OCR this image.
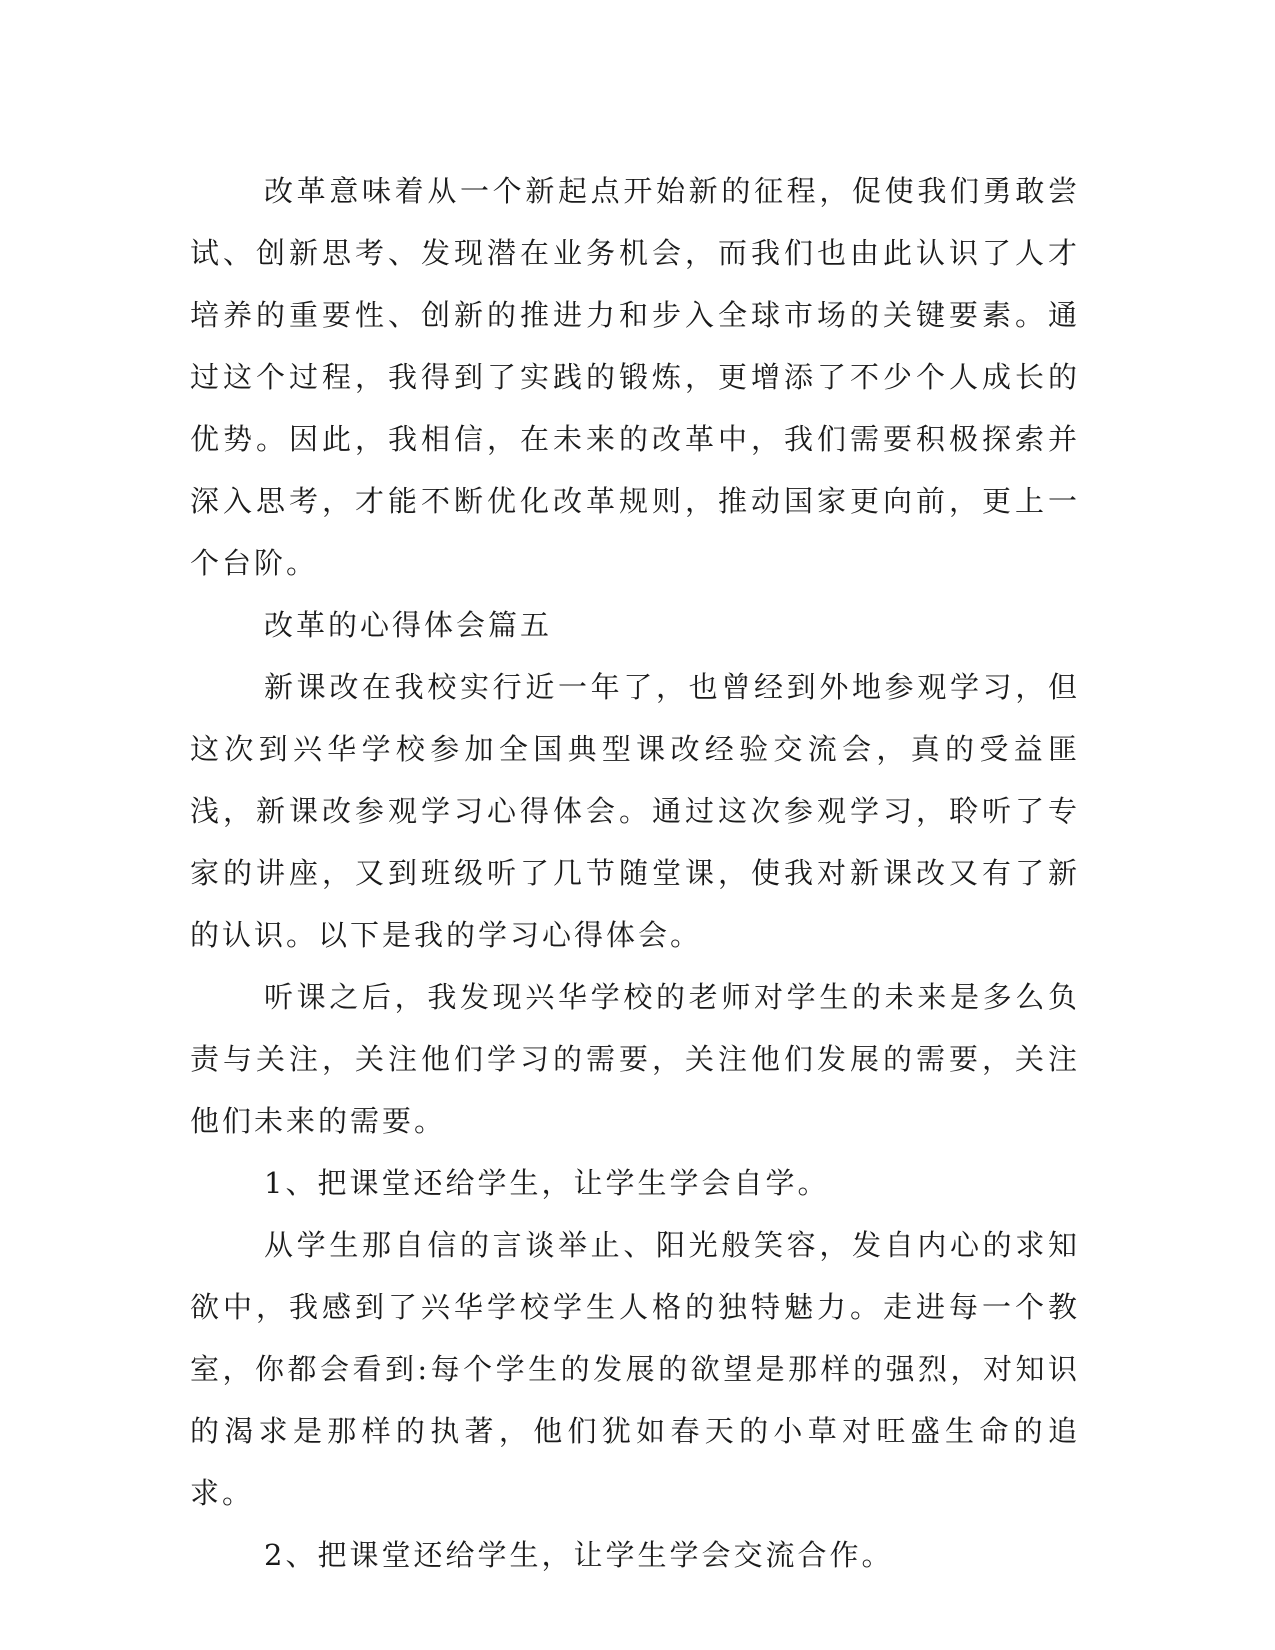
改革意味着从一个新起点开始新的征程，促使我们勇敢尝试、创新思考、发现潜在业务机会，而我们也由此认识了人才培养的重要性、创新的推进力和步入全球市场的关键要素。通过这个过程，我得到了实践的锻炼，更增添了不少个人成长的优势。因此，我相信，在未来的改革中，我们需要积极探索并深入思考，才能不断优化改革规则，推动国家更向前，更上一个台阶。

改革的心得体会篇五

新课改在我校实行近一年了，也曾经到外地参观学习，但这次到兴华学校参加全国典型课改经验交流会，真的受益匪浅，新课改参观学习心得体会。通过这次参观学习，聆听了专家的讲座，又到班级听了几节随堂课，使我对新课改又有了新的认识。以下是我的学习心得体会。

听课之后，我发现兴华学校的老师对学生的未来是多么负责与关注，关注他们学习的需要，关注他们发展的需要，关注他们未来的需要。

1、把课堂还给学生，让学生学会自学。

从学生那自信的言谈举止、阳光般笑容，发自内心的求知欲中，我感到了兴华学校学生人格的独特魅力。走进每一个教室，你都会看到:每个学生的发展的欲望是那样的强烈，对知识的渴求是那样的执著，他们犹如春天的小草对旺盛生命的追求。

2、把课堂还给学生，让学生学会交流合作。
